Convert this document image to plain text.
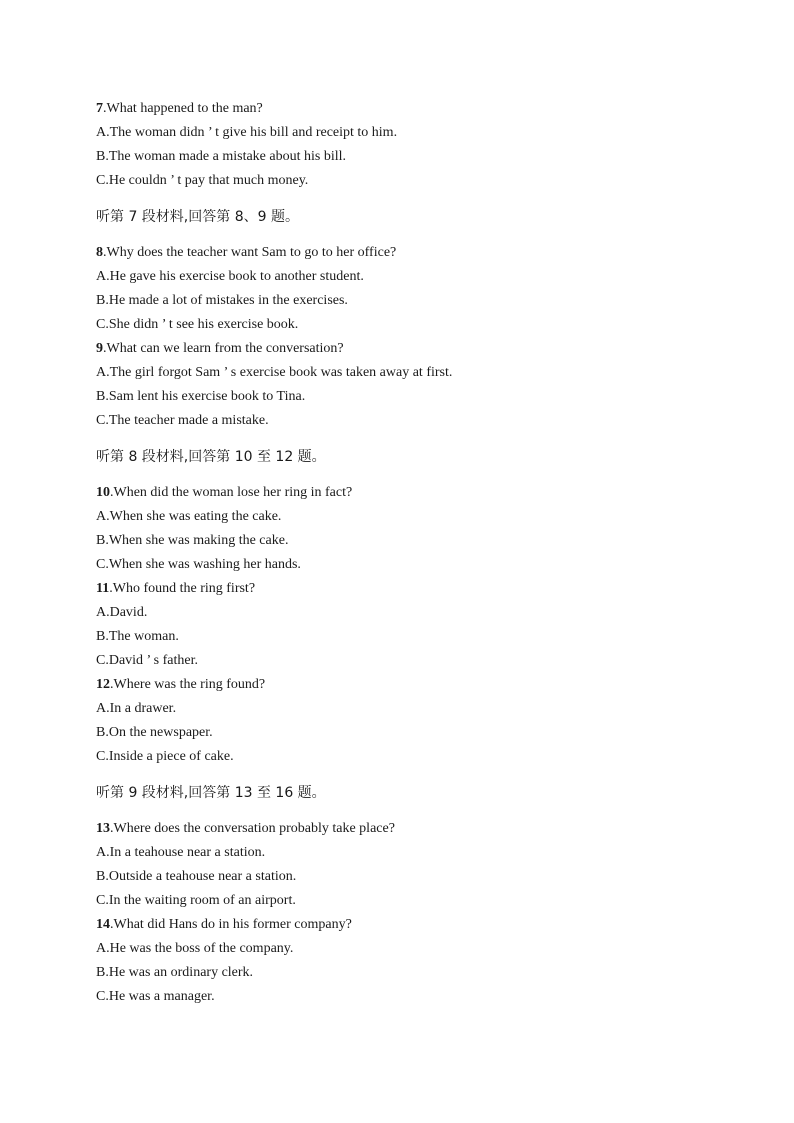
7.What happened to the man?
A.The woman didn ’ t give his bill and receipt to him.
B.The woman made a mistake about his bill.
C.He couldn ’ t pay that much money.
听第 7 段材料,回答第 8、9 题。
8.Why does the teacher want Sam to go to her office?
A.He gave his exercise book to another student.
B.He made a lot of mistakes in the exercises.
C.She didn ’ t see his exercise book.
9.What can we learn from the conversation?
A.The girl forgot Sam ’ s exercise book was taken away at first.
B.Sam lent his exercise book to Tina.
C.The teacher made a mistake.
听第 8 段材料,回答第 10 至 12 题。
10.When did the woman lose her ring in fact?
A.When she was eating the cake.
B.When she was making the cake.
C.When she was washing her hands.
11.Who found the ring first?
A.David.
B.The woman.
C.David ’ s father.
12.Where was the ring found?
A.In a drawer.
B.On the newspaper.
C.Inside a piece of cake.
听第 9 段材料,回答第 13 至 16 题。
13.Where does the conversation probably take place?
A.In a teahouse near a station.
B.Outside a teahouse near a station.
C.In the waiting room of an airport.
14.What did Hans do in his former company?
A.He was the boss of the company.
B.He was an ordinary clerk.
C.He was a manager.
